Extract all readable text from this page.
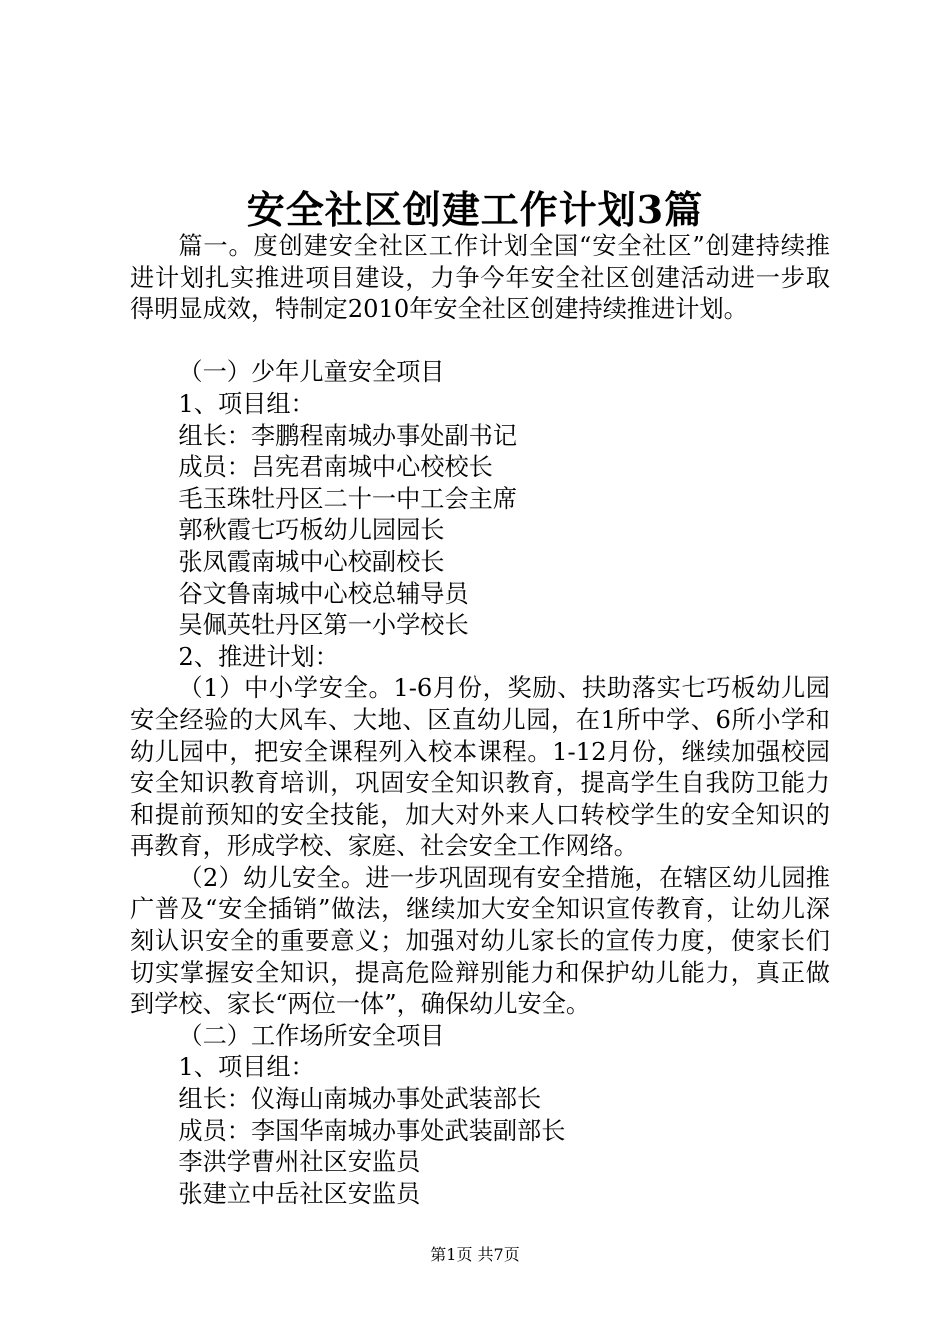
安全社区创建工作计划3篇

篇一。度创建安全社区工作计划全国“安全社区”创建持续推进计划扎实推进项目建设，力争今年安全社区创建活动进一步取得明显成效，特制定2010年安全社区创建持续推进计划。

（一）少年儿童安全项目

1、项目组：

组长：李鹏程南城办事处副书记

成员：吕宪君南城中心校校长

毛玉珠牡丹区二十一中工会主席

郭秋霞七巧板幼儿园园长

张凤霞南城中心校副校长

谷文鲁南城中心校总辅导员

吴佩英牡丹区第一小学校长

2、推进计划：

（1）中小学安全。1-6月份，奖励、扶助落实七巧板幼儿园安全经验的大风车、大地、区直幼儿园，在1所中学、6所小学和幼儿园中，把安全课程列入校本课程。1-12月份，继续加强校园安全知识教育培训，巩固安全知识教育，提高学生自我防卫能力和提前预知的安全技能，加大对外来人口转校学生的安全知识的再教育，形成学校、家庭、社会安全工作网络。

（2）幼儿安全。进一步巩固现有安全措施，在辖区幼儿园推广普及“安全插销”做法，继续加大安全知识宣传教育，让幼儿深刻认识安全的重要意义；加强对幼儿家长的宣传力度，使家长们切实掌握安全知识，提高危险辩别能力和保护幼儿能力，真正做到学校、家长“两位一体”，确保幼儿安全。

（二）工作场所安全项目

1、项目组：

组长：仪海山南城办事处武装部长

成员：李国华南城办事处武装副部长

李洪学曹州社区安监员

张建立中岳社区安监员

第1页 共7页
